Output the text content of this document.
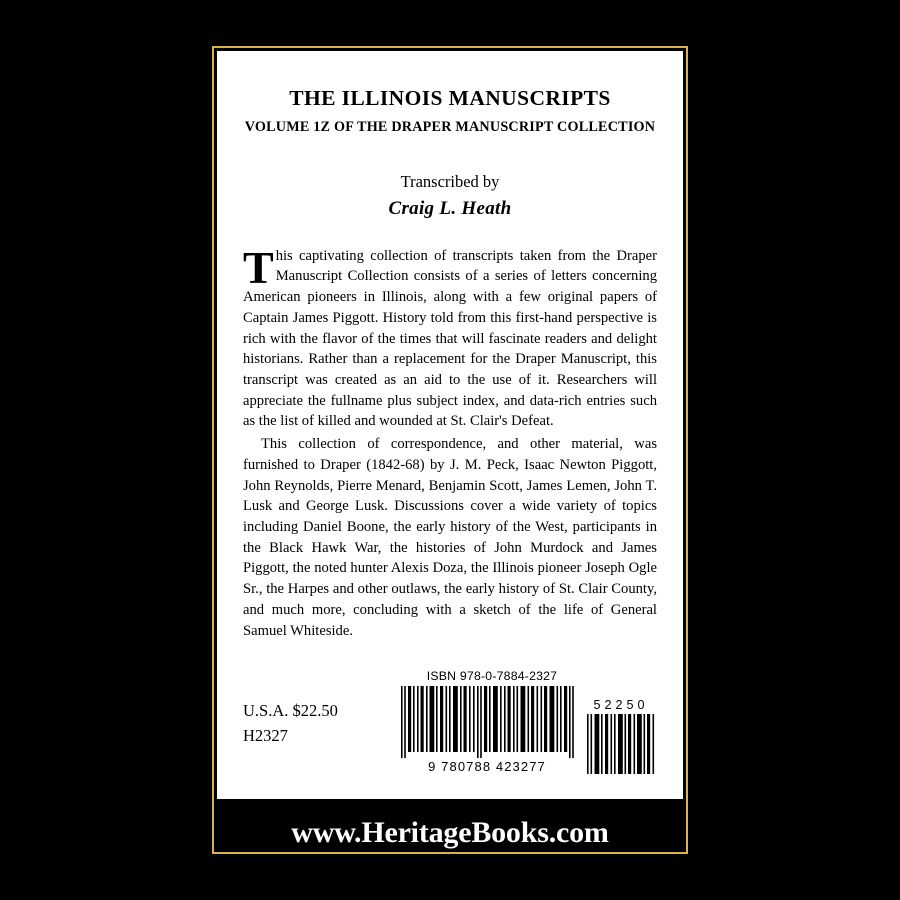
THE ILLINOIS MANUSCRIPTS
VOLUME 1Z OF THE DRAPER MANUSCRIPT COLLECTION
Transcribed by
Craig L. Heath

This captivating collection of transcripts taken from the Draper Manuscript Collection consists of a series of letters concerning American pioneers in Illinois, along with a few original papers of Captain James Piggott. History told from this first-hand perspective is rich with the flavor of the times that will fascinate readers and delight historians. Rather than a replacement for the Draper Manuscript, this transcript was created as an aid to the use of it. Researchers will appreciate the fullname plus subject index, and data-rich entries such as the list of killed and wounded at St. Clair's Defeat.

This collection of correspondence, and other material, was furnished to Draper (1842-68) by J. M. Peck, Isaac Newton Piggott, John Reynolds, Pierre Menard, Benjamin Scott, James Lemen, John T. Lusk and George Lusk. Discussions cover a wide variety of topics including Daniel Boone, the early history of the West, participants in the Black Hawk War, the histories of John Murdock and James Piggott, the noted hunter Alexis Doza, the Illinois pioneer Joseph Ogle Sr., the Harpes and other outlaws, the early history of St. Clair County, and much more, concluding with a sketch of the life of General Samuel Whiteside.

U.S.A. $22.50
H2327
ISBN 978-0-7884-2327
9 780788 423277
52250
www.HeritageBooks.com
